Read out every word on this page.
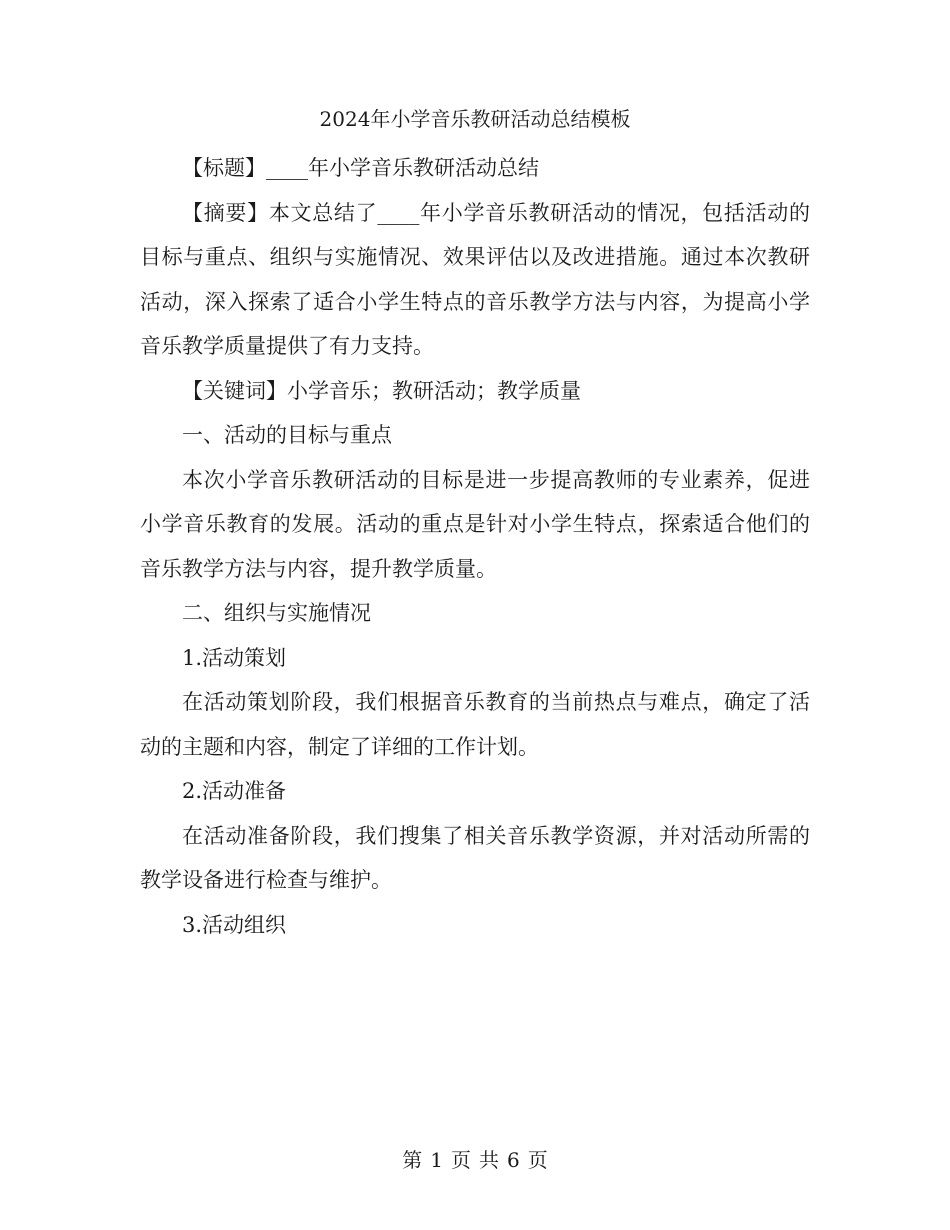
2024年小学音乐教研活动总结模板

【标题】____年小学音乐教研活动总结

【摘要】本文总结了____年小学音乐教研活动的情况，包括活动的目标与重点、组织与实施情况、效果评估以及改进措施。通过本次教研活动，深入探索了适合小学生特点的音乐教学方法与内容，为提高小学音乐教学质量提供了有力支持。

【关键词】小学音乐；教研活动；教学质量

一、活动的目标与重点

本次小学音乐教研活动的目标是进一步提高教师的专业素养，促进小学音乐教育的发展。活动的重点是针对小学生特点，探索适合他们的音乐教学方法与内容，提升教学质量。

二、组织与实施情况

1.活动策划

在活动策划阶段，我们根据音乐教育的当前热点与难点，确定了活动的主题和内容，制定了详细的工作计划。

2.活动准备

在活动准备阶段，我们搜集了相关音乐教学资源，并对活动所需的教学设备进行检查与维护。

3.活动组织

第 1 页 共 6 页
